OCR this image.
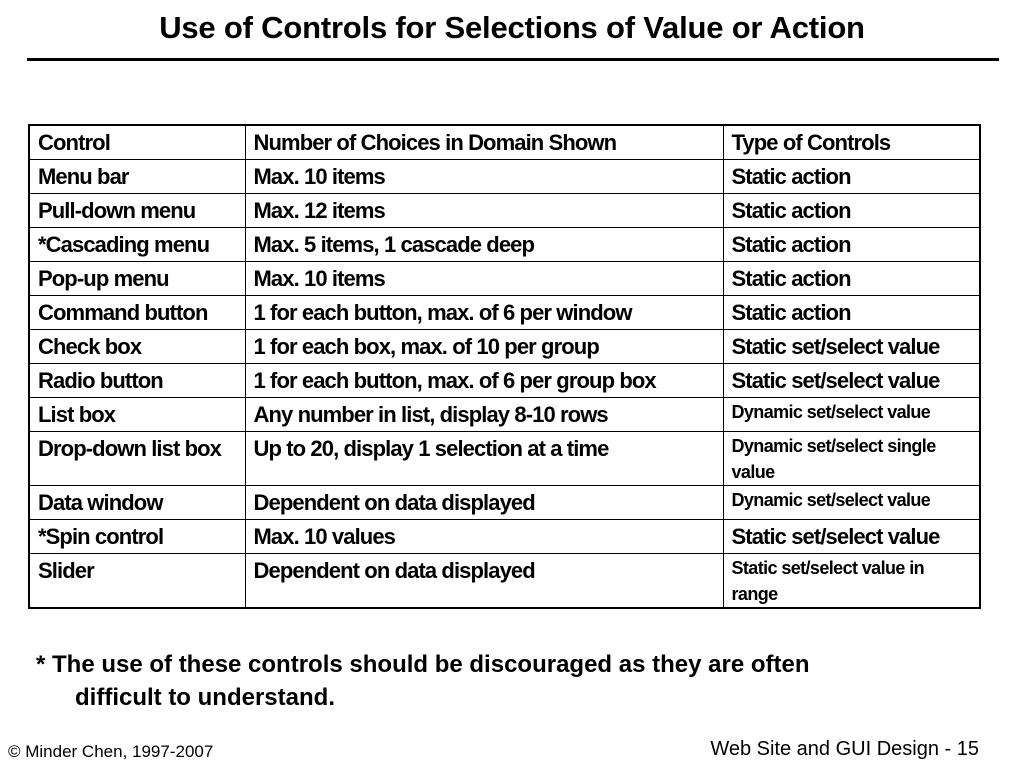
Use of Controls for Selections of Value or Action
Control	Number of Choices in Domain Shown	Type of Controls
Menu bar	Max. 10 items	Static action
Pull-down menu	Max. 12 items	Static action
*Cascading menu	Max. 5 items, 1 cascade deep	Static action
Pop-up menu	Max. 10 items	Static action
Command button	1 for each button, max. of 6 per window	Static action
Check box	1 for each box, max. of 10 per group	Static set/select value
Radio button	1 for each button, max. of 6 per group box	Static set/select value
List box	Any number in list, display 8-10 rows	Dynamic set/select value
Drop-down list box	Up to 20, display 1 selection at a time	Dynamic set/select single value
Data window	Dependent on data displayed	Dynamic set/select value
*Spin control	Max. 10 values	Static set/select value
Slider	Dependent on data displayed	Static set/select value in range
* The use of these controls should be discouraged as they are often
difficult to understand.
© Minder Chen, 1997-2007	Web Site and GUI Design - 15
